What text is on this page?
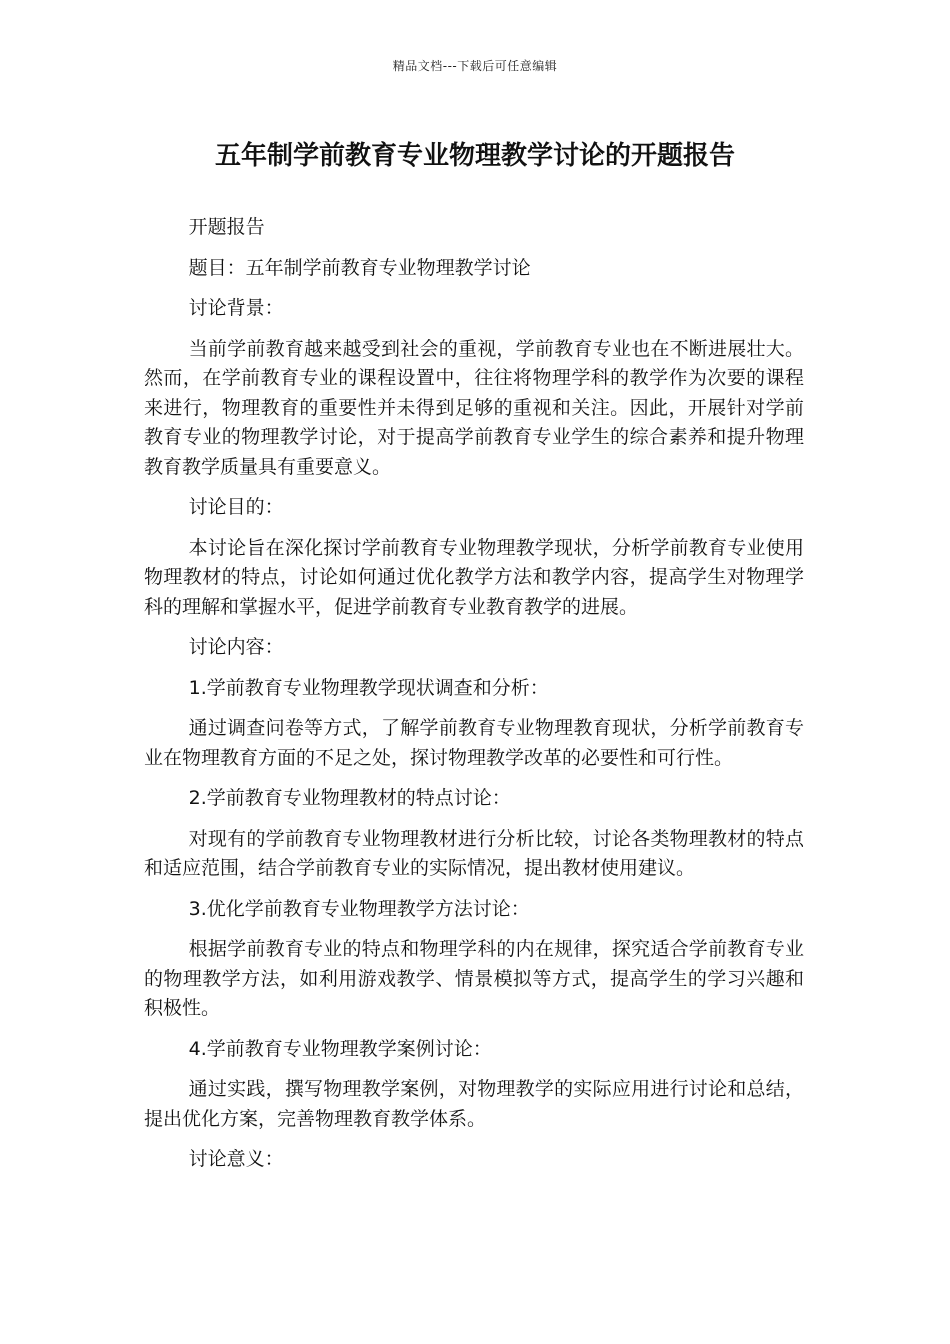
精品文档---下载后可任意编辑
五年制学前教育专业物理教学讨论的开题报告

开题报告

题目：五年制学前教育专业物理教学讨论

讨论背景：

当前学前教育越来越受到社会的重视，学前教育专业也在不断进展壮大。然而，在学前教育专业的课程设置中，往往将物理学科的教学作为次要的课程来进行，物理教育的重要性并未得到足够的重视和关注。因此，开展针对学前教育专业的物理教学讨论，对于提高学前教育专业学生的综合素养和提升物理教育教学质量具有重要意义。

讨论目的：

本讨论旨在深化探讨学前教育专业物理教学现状，分析学前教育专业使用物理教材的特点，讨论如何通过优化教学方法和教学内容，提高学生对物理学科的理解和掌握水平，促进学前教育专业教育教学的进展。

讨论内容：

1.学前教育专业物理教学现状调查和分析：

通过调查问卷等方式，了解学前教育专业物理教育现状，分析学前教育专业在物理教育方面的不足之处，探讨物理教学改革的必要性和可行性。

2.学前教育专业物理教材的特点讨论：

对现有的学前教育专业物理教材进行分析比较，讨论各类物理教材的特点和适应范围，结合学前教育专业的实际情况，提出教材使用建议。

3.优化学前教育专业物理教学方法讨论：

根据学前教育专业的特点和物理学科的内在规律，探究适合学前教育专业的物理教学方法，如利用游戏教学、情景模拟等方式，提高学生的学习兴趣和积极性。

4.学前教育专业物理教学案例讨论：

通过实践，撰写物理教学案例，对物理教学的实际应用进行讨论和总结，提出优化方案，完善物理教育教学体系。

讨论意义：
